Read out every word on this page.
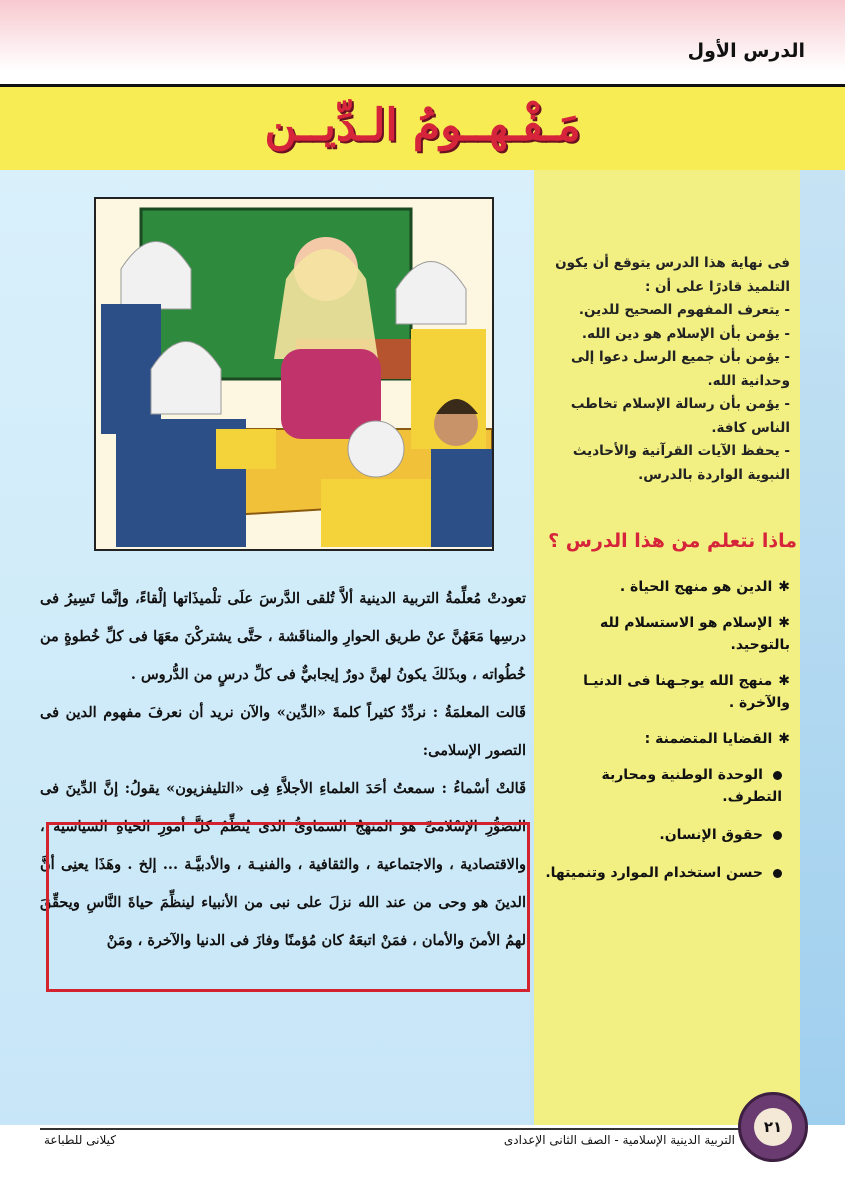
الدرس الأول
مَـفْـهــومُ الـدِّيــن

فى نهاية هذا الدرس يتوقع أن يكون التلميذ قادرًا على أن :

- يتعرف المفهوم الصحيح للدين.
- يؤمن بأن الإسلام هو دين الله.
- يؤمن بأن جميع الرسل دعوا إلى وحدانية الله.
- يؤمن بأن رسالة الإسلام تخاطب الناس كافة.
- يحفظ الآيات القرآنية والأحاديث النبوية الواردة بالدرس.
ماذا نتعلم من هذا الدرس ؟
✱الدين هو منهج الحياة .
✱الإسلام هو الاستسلام لله بالتوحيد.
✱منهج الله يوجـهنا فى الدنيـا والآخرة .
✱القضايا المتضمنة :
الوحدة الوطنية ومحاربة التطرف.
حقوق الإنسان.
حسن استخدام الموارد وتنميتها.

تعودتْ مُعلِّمةُ التربية الدينية ألاَّ تُلقى الدَّرسَ علَى تلْميذَاتها إلْقاءً، وإنَّما تَسِيرُ فى درسِها مَعَهُنَّ عنْ طريق الحوارِ والمناقَشة ، حتَّى يشتركْنَ معَهَا فى كلِّ خُطوةٍ من خُطُواته ، وبذَلكَ يكونُ لهنَّ دورٌ إيجابيٌّ فى كلِّ درسٍ من الدُّروس .

قَالت المعلمَةُ : نردِّدُ كثيراً كلمةَ «الدِّين» والآن نريد أن نعرفَ مفهوم الدين فى التصور الإسلامى:

قَالتْ أسْماءُ : سمعتُ أحَدَ العلماءِ الأجلاَّءِ فِى «التليفزيون» يقولُ: إنَّ الدِّينَ فى التصَوُّرِ الإسْلامىِّ هوَ المنهَجُ السماوىُّ الذى يُنظِّمُ كلَّ أمورِ الحياةِ السياسية ، والاقتصادية ، والاجتماعية ، والثقافية ، والفنيـة ، والأدبيَّـة ... إلخ . وهَذَا يعنِى أنَّ الدينَ هو وحى من عند الله نزلَ على نبى من الأنبياء لينظِّمَ حياةَ النَّاسِ ويحقِّقَ لهمُ الأمنَ والأمان ، فمَنْ اتبعَهُ كان مُؤمنًا وفازَ فى الدنيا والآخرة ، ومَنْ

التربية الدينية الإسلامية - الصف الثانى الإعدادى
كيلانى للطباعة
٢١
